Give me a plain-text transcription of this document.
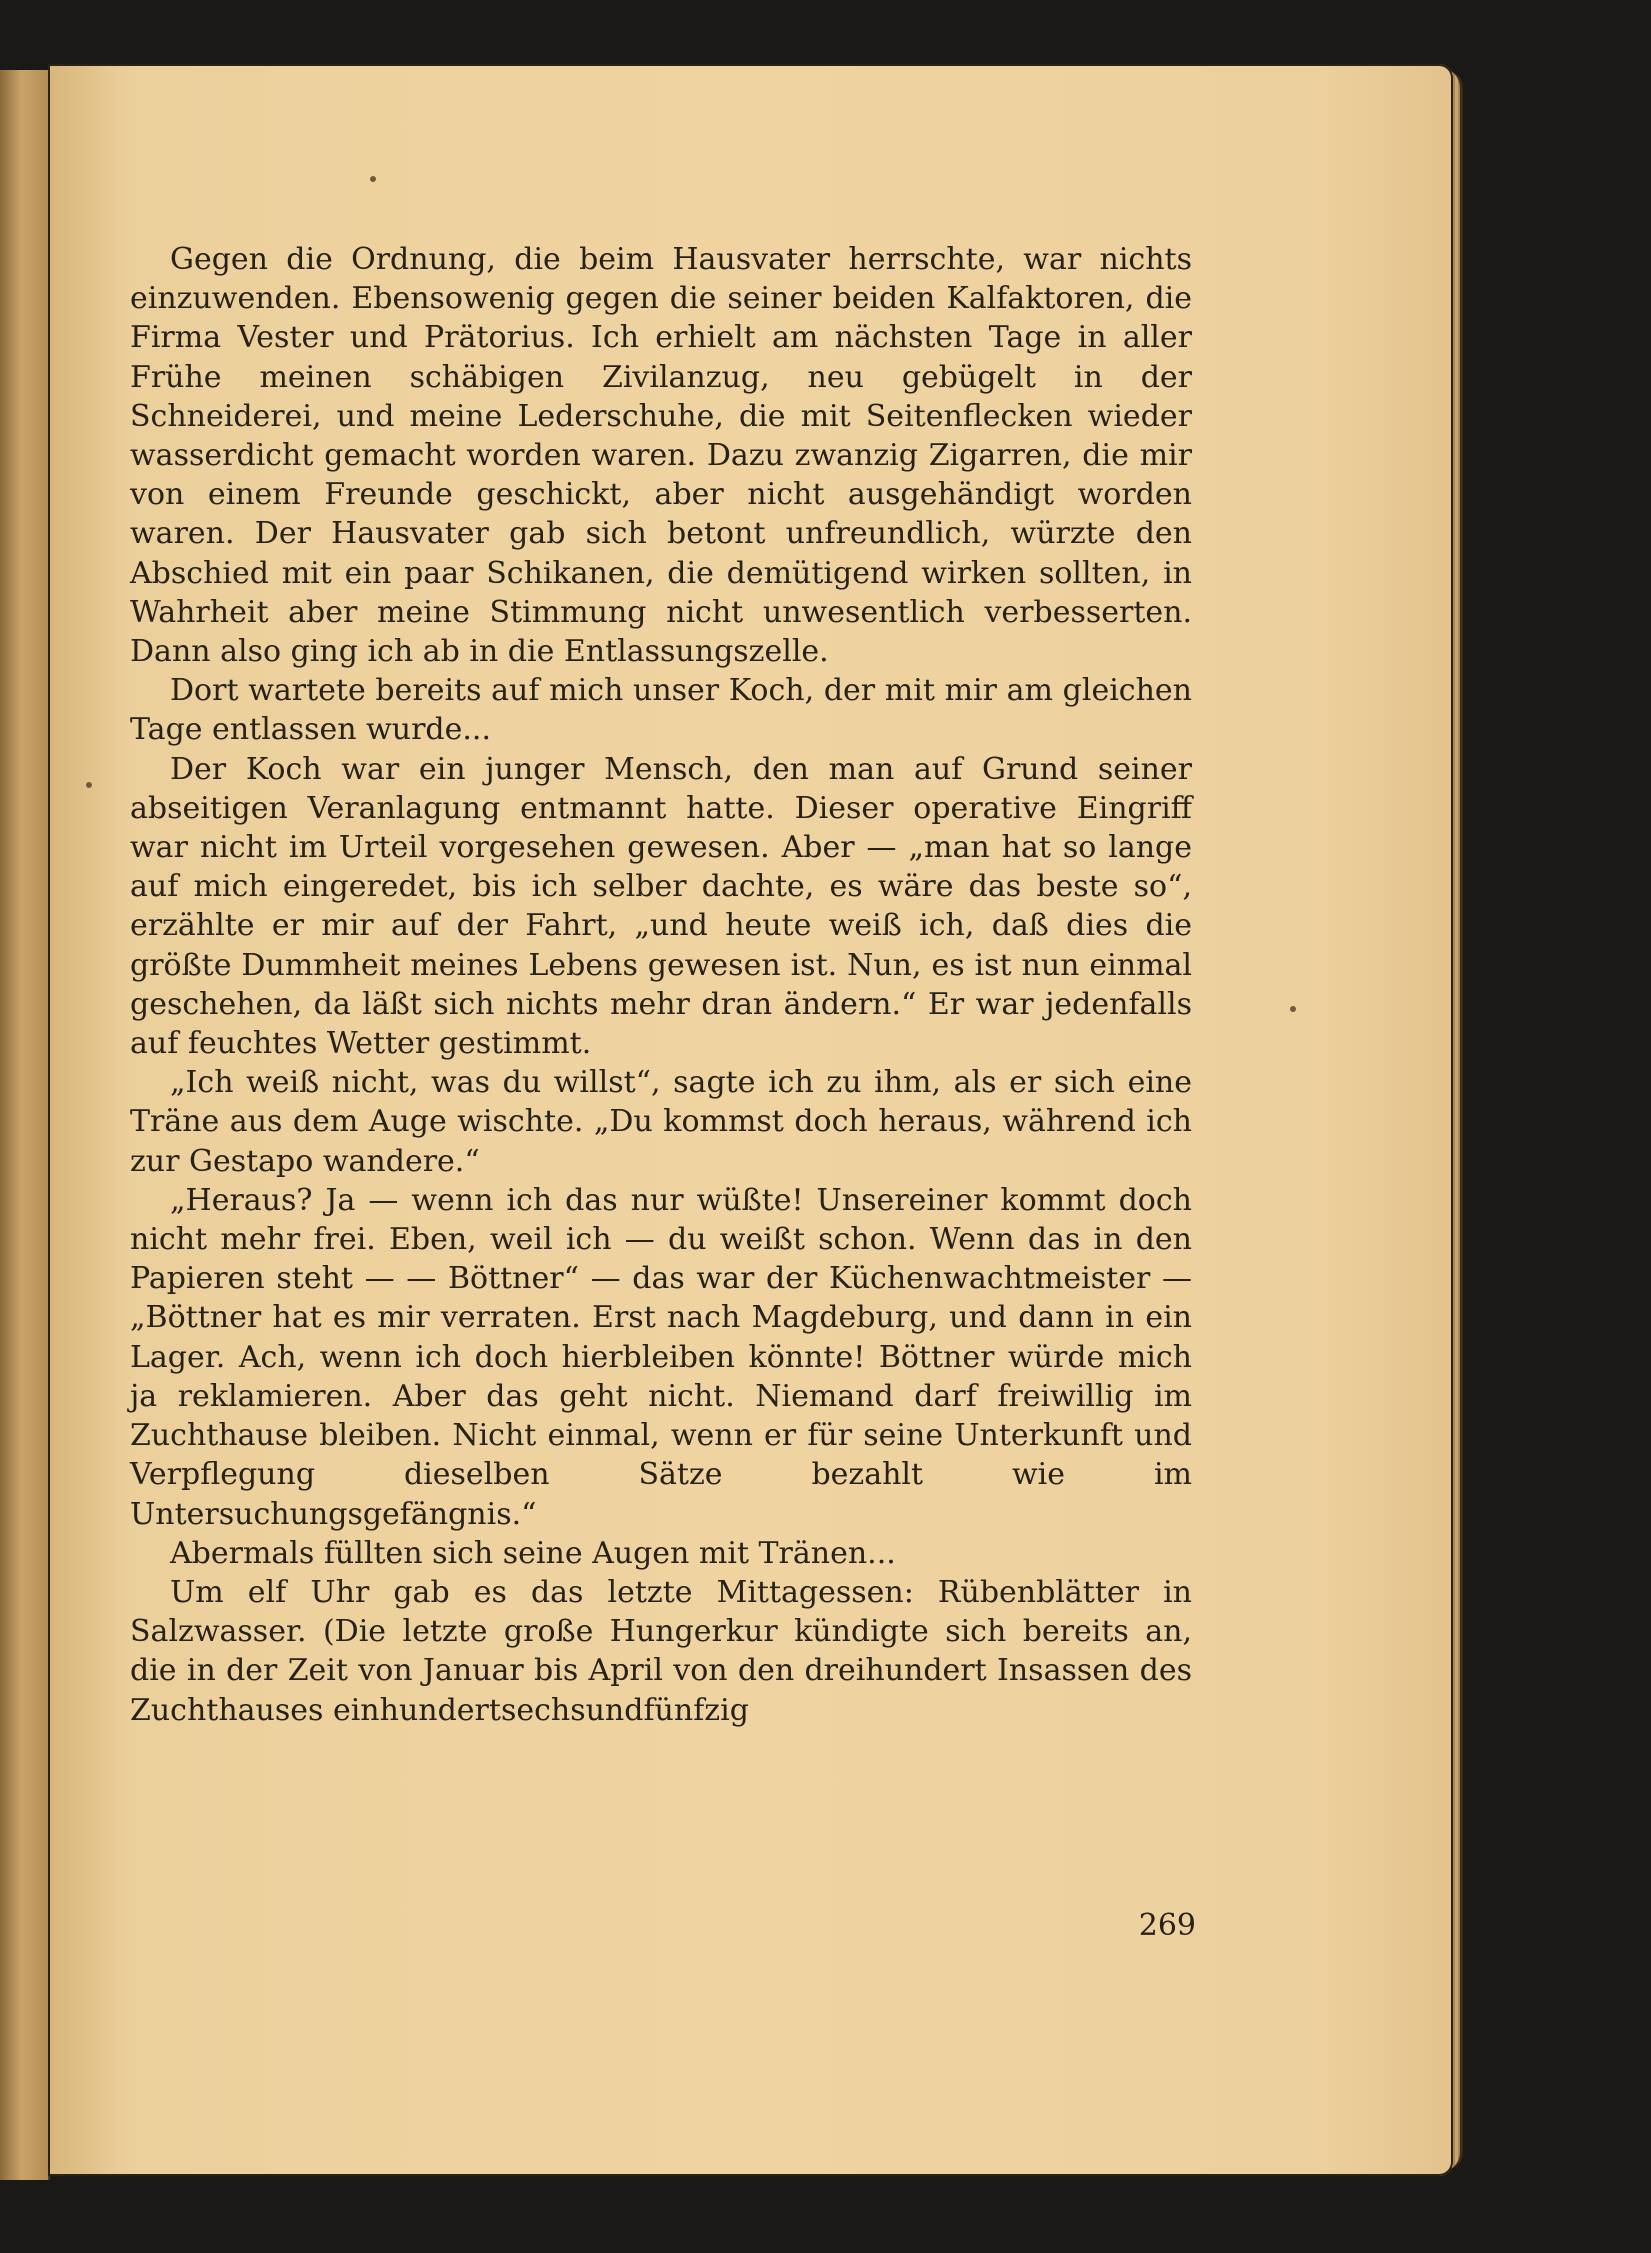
Gegen die Ordnung, die beim Hausvater herrschte, war nichts einzuwenden. Ebensowenig gegen die seiner beiden Kalfaktoren, die Firma Vester und Prätorius. Ich erhielt am nächsten Tage in aller Frühe meinen schäbigen Zivilanzug, neu gebügelt in der Schneiderei, und meine Lederschuhe, die mit Seitenflecken wieder wasserdicht gemacht worden waren. Dazu zwanzig Zigarren, die mir von einem Freunde geschickt, aber nicht ausgehändigt worden waren. Der Hausvater gab sich betont unfreundlich, würzte den Abschied mit ein paar Schikanen, die demütigend wirken sollten, in Wahrheit aber meine Stimmung nicht unwesentlich verbesserten. Dann also ging ich ab in die Entlassungszelle.

Dort wartete bereits auf mich unser Koch, der mit mir am gleichen Tage entlassen wurde...

Der Koch war ein junger Mensch, den man auf Grund seiner abseitigen Veranlagung entmannt hatte. Dieser operative Eingriff war nicht im Urteil vorgesehen gewesen. Aber — „man hat so lange auf mich eingeredet, bis ich selber dachte, es wäre das beste so“, erzählte er mir auf der Fahrt, „und heute weiß ich, daß dies die größte Dummheit meines Lebens gewesen ist. Nun, es ist nun einmal geschehen, da läßt sich nichts mehr dran ändern.“ Er war jedenfalls auf feuchtes Wetter gestimmt.

„Ich weiß nicht, was du willst“, sagte ich zu ihm, als er sich eine Träne aus dem Auge wischte. „Du kommst doch heraus, während ich zur Gestapo wandere.“

„Heraus? Ja — wenn ich das nur wüßte! Unsereiner kommt doch nicht mehr frei. Eben, weil ich — du weißt schon. Wenn das in den Papieren steht — — Böttner“ — das war der Küchenwachtmeister — „Böttner hat es mir verraten. Erst nach Magdeburg, und dann in ein Lager. Ach, wenn ich doch hierbleiben könnte! Böttner würde mich ja reklamieren. Aber das geht nicht. Niemand darf freiwillig im Zuchthause bleiben. Nicht einmal, wenn er für seine Unterkunft und Verpflegung dieselben Sätze bezahlt wie im Untersuchungsgefängnis.“

Abermals füllten sich seine Augen mit Tränen...

Um elf Uhr gab es das letzte Mittagessen: Rübenblätter in Salzwasser. (Die letzte große Hungerkur kündigte sich bereits an, die in der Zeit von Januar bis April von den dreihundert Insassen des Zuchthauses einhundertsechsundfünfzig

269
